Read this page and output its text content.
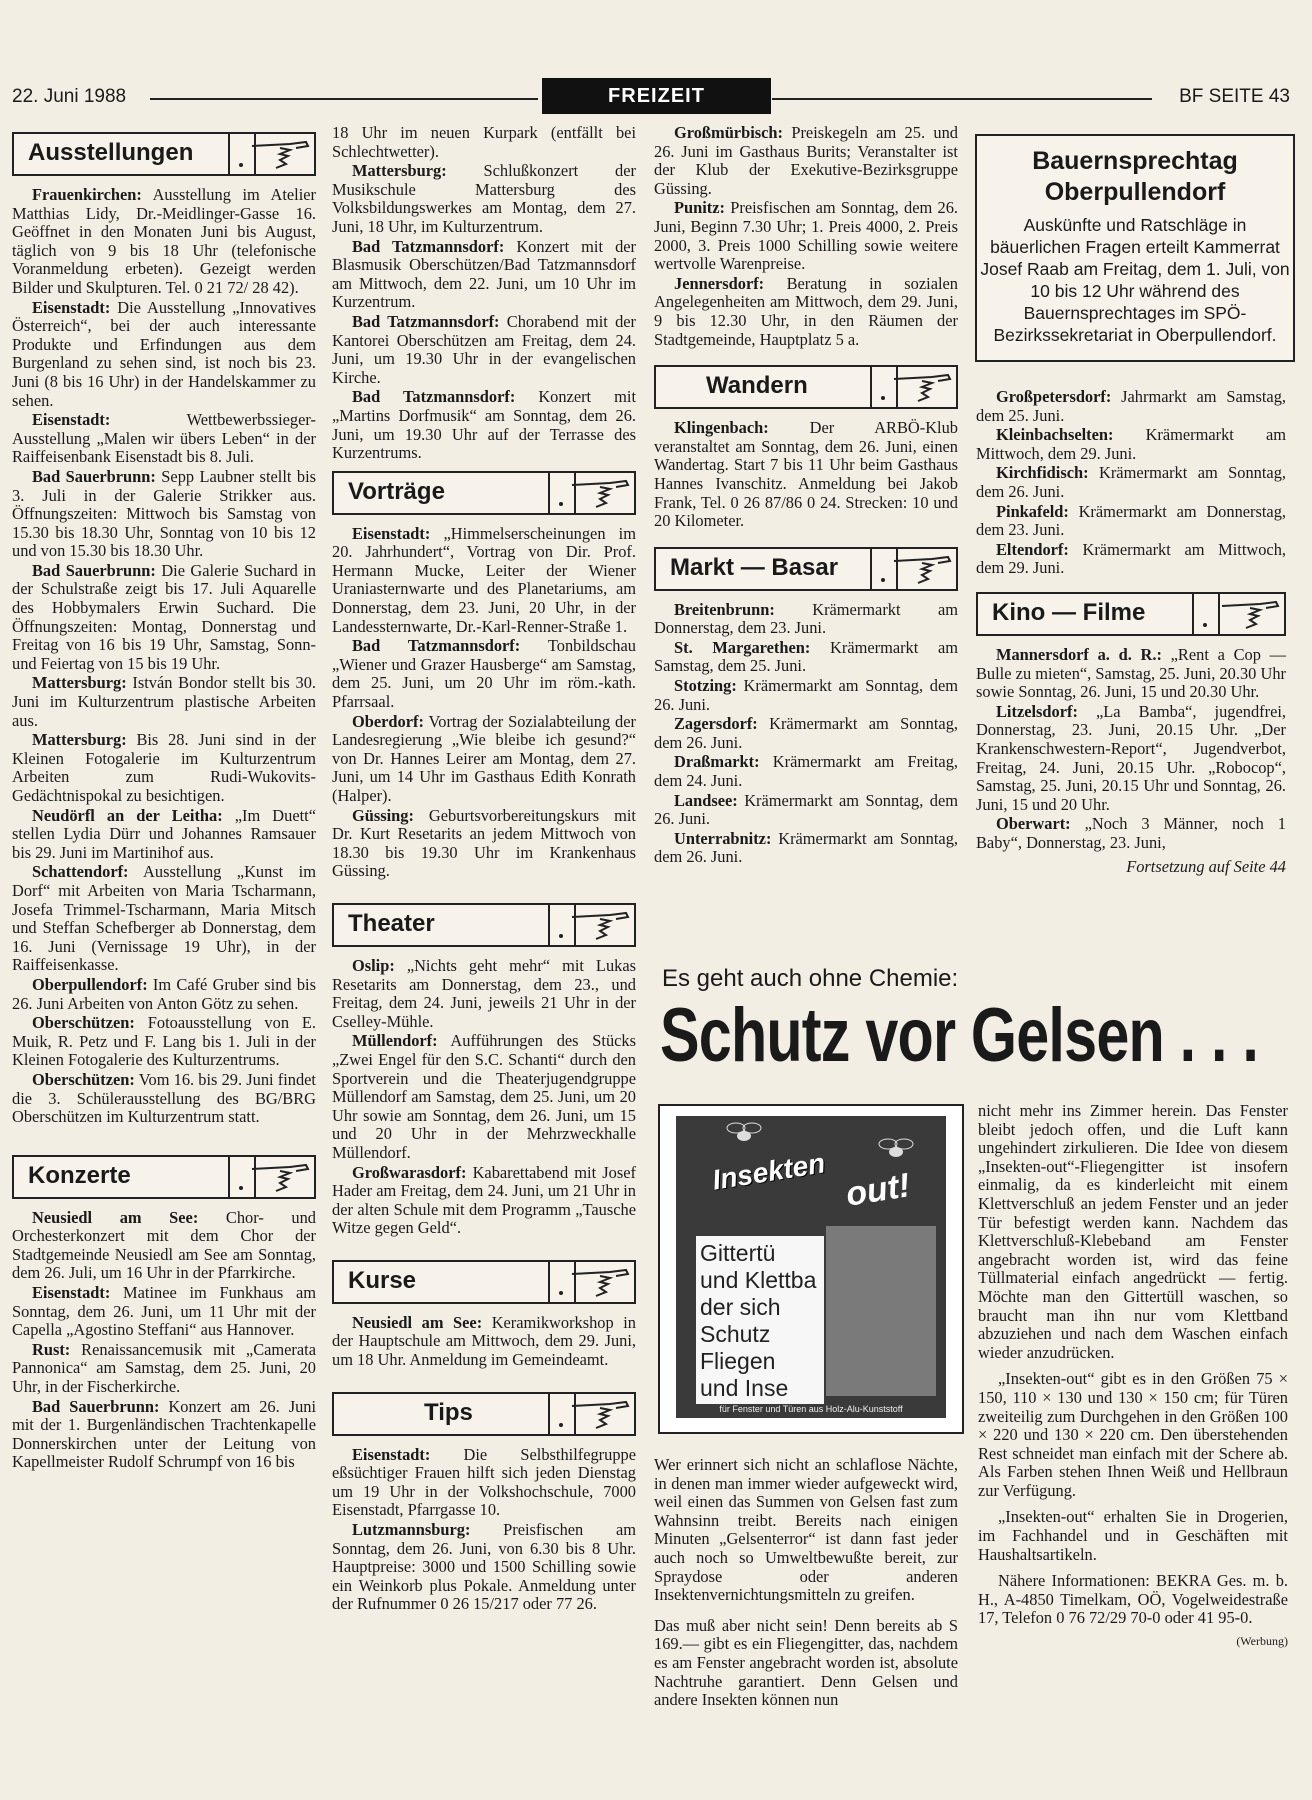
22. Juni 1988	FREIZEIT	BF SEITE 43
Ausstellungen

Frauenkirchen: Ausstellung im Atelier Matthias Lidy, Dr.-Meidlinger-Gasse 16. Geöffnet in den Monaten Juni bis August, täglich von 9 bis 18 Uhr (telefonische Voranmeldung erbeten). Gezeigt werden Bilder und Skulpturen. Tel. 0 21 72/ 28 42).

Eisenstadt: Die Ausstellung „Innovatives Österreich“, bei der auch interessante Produkte und Erfindungen aus dem Burgenland zu sehen sind, ist noch bis 23. Juni (8 bis 16 Uhr) in der Handelskammer zu sehen.

Eisenstadt: Wettbewerbssieger-Ausstellung „Malen wir übers Leben“ in der Raiffeisenbank Eisenstadt bis 8. Juli.

Bad Sauerbrunn: Sepp Laubner stellt bis 3. Juli in der Galerie Strikker aus. Öffnungszeiten: Mittwoch bis Samstag von 15.30 bis 18.30 Uhr, Sonntag von 10 bis 12 und von 15.30 bis 18.30 Uhr.

Bad Sauerbrunn: Die Galerie Suchard in der Schulstraße zeigt bis 17. Juli Aquarelle des Hobbymalers Erwin Suchard. Die Öffnungszeiten: Montag, Donnerstag und Freitag von 16 bis 19 Uhr, Samstag, Sonn- und Feiertag von 15 bis 19 Uhr.

Mattersburg: István Bondor stellt bis 30. Juni im Kulturzentrum plastische Arbeiten aus.

Mattersburg: Bis 28. Juni sind in der Kleinen Fotogalerie im Kulturzentrum Arbeiten zum Rudi-Wukovits-Gedächtnispokal zu besichtigen.

Neudörfl an der Leitha: „Im Duett“ stellen Lydia Dürr und Johannes Ramsauer bis 29. Juni im Martinihof aus.

Schattendorf: Ausstellung „Kunst im Dorf“ mit Arbeiten von Maria Tscharmann, Josefa Trimmel-Tscharmann, Maria Mitsch und Steffan Schefberger ab Donnerstag, dem 16. Juni (Vernissage 19 Uhr), in der Raiffeisenkasse.

Oberpullendorf: Im Café Gruber sind bis 26. Juni Arbeiten von Anton Götz zu sehen.

Oberschützen: Fotoausstellung von E. Muik, R. Petz und F. Lang bis 1. Juli in der Kleinen Fotogalerie des Kulturzentrums.

Oberschützen: Vom 16. bis 29. Juni findet die 3. Schülerausstellung des BG/BRG Oberschützen im Kulturzentrum statt.

Konzerte

Neusiedl am See: Chor- und Orchesterkonzert mit dem Chor der Stadtgemeinde Neusiedl am See am Sonntag, dem 26. Juli, um 16 Uhr in der Pfarrkirche.

Eisenstadt: Matinee im Funkhaus am Sonntag, dem 26. Juni, um 11 Uhr mit der Capella „Agostino Steffani“ aus Hannover.

Rust: Renaissancemusik mit „Camerata Pannonica“ am Samstag, dem 25. Juni, 20 Uhr, in der Fischerkirche.

Bad Sauerbrunn: Konzert am 26. Juni mit der 1. Burgenländischen Trachtenkapelle Donnerskirchen unter der Leitung von Kapellmeister Rudolf Schrumpf von 16 bis

18 Uhr im neuen Kurpark (entfällt bei Schlechtwetter).

Mattersburg: Schlußkonzert der Musikschule Mattersburg des Volksbildungswerkes am Montag, dem 27. Juni, 18 Uhr, im Kulturzentrum.

Bad Tatzmannsdorf: Konzert mit der Blasmusik Oberschützen/Bad Tatzmannsdorf am Mittwoch, dem 22. Juni, um 10 Uhr im Kurzentrum.

Bad Tatzmannsdorf: Chorabend mit der Kantorei Oberschützen am Freitag, dem 24. Juni, um 19.30 Uhr in der evangelischen Kirche.

Bad Tatzmannsdorf: Konzert mit „Martins Dorfmusik“ am Sonntag, dem 26. Juni, um 19.30 Uhr auf der Terrasse des Kurzentrums.

Vorträge

Eisenstadt: „Himmelserscheinungen im 20. Jahrhundert“, Vortrag von Dir. Prof. Hermann Mucke, Leiter der Wiener Uraniasternwarte und des Planetariums, am Donnerstag, dem 23. Juni, 20 Uhr, in der Landessternwarte, Dr.-Karl-Renner-Straße 1.

Bad Tatzmannsdorf: Tonbildschau „Wiener und Grazer Hausberge“ am Samstag, dem 25. Juni, um 20 Uhr im röm.-kath. Pfarrsaal.

Oberdorf: Vortrag der Sozialabteilung der Landesregierung „Wie bleibe ich gesund?“ von Dr. Hannes Leirer am Montag, dem 27. Juni, um 14 Uhr im Gasthaus Edith Konrath (Halper).

Güssing: Geburtsvorbereitungskurs mit Dr. Kurt Resetarits an jedem Mittwoch von 18.30 bis 19.30 Uhr im Krankenhaus Güssing.

Theater

Oslip: „Nichts geht mehr“ mit Lukas Resetarits am Donnerstag, dem 23., und Freitag, dem 24. Juni, jeweils 21 Uhr in der Cselley-Mühle.

Müllendorf: Aufführungen des Stücks „Zwei Engel für den S.C. Schanti“ durch den Sportverein und die Theaterjugendgruppe Müllendorf am Samstag, dem 25. Juni, um 20 Uhr sowie am Sonntag, dem 26. Juni, um 15 und 20 Uhr in der Mehrzweckhalle Müllendorf.

Großwarasdorf: Kabarettabend mit Josef Hader am Freitag, dem 24. Juni, um 21 Uhr in der alten Schule mit dem Programm „Tausche Witze gegen Geld“.

Kurse

Neusiedl am See: Keramikworkshop in der Hauptschule am Mittwoch, dem 29. Juni, um 18 Uhr. Anmeldung im Gemeindeamt.

Tips

Eisenstadt: Die Selbsthilfegruppe eßsüchtiger Frauen hilft sich jeden Dienstag um 19 Uhr in der Volkshochschule, 7000 Eisenstadt, Pfarrgasse 10.

Lutzmannsburg: Preisfischen am Sonntag, dem 26. Juni, von 6.30 bis 8 Uhr. Hauptpreise: 3000 und 1500 Schilling sowie ein Weinkorb plus Pokale. Anmeldung unter der Rufnummer 0 26 15/217 oder 77 26.

Großmürbisch: Preiskegeln am 25. und 26. Juni im Gasthaus Burits; Veranstalter ist der Klub der Exekutive-Bezirksgruppe Güssing.

Punitz: Preisfischen am Sonntag, dem 26. Juni, Beginn 7.30 Uhr; 1. Preis 4000, 2. Preis 2000, 3. Preis 1000 Schilling sowie weitere wertvolle Warenpreise.

Jennersdorf: Beratung in sozialen Angelegenheiten am Mittwoch, dem 29. Juni, 9 bis 12.30 Uhr, in den Räumen der Stadtgemeinde, Hauptplatz 5 a.

Wandern

Klingenbach: Der ARBÖ-Klub veranstaltet am Sonntag, dem 26. Juni, einen Wandertag. Start 7 bis 11 Uhr beim Gasthaus Hannes Ivanschitz. Anmeldung bei Jakob Frank, Tel. 0 26 87/86 0 24. Strecken: 10 und 20 Kilometer.

Markt — Basar

Breitenbrunn: Krämermarkt am Donnerstag, dem 23. Juni.

St. Margarethen: Krämermarkt am Samstag, dem 25. Juni.

Stotzing: Krämermarkt am Sonntag, dem 26. Juni.

Zagersdorf: Krämermarkt am Sonntag, dem 26. Juni.

Draßmarkt: Krämermarkt am Freitag, dem 24. Juni.

Landsee: Krämermarkt am Sonntag, dem 26. Juni.

Unterrabnitz: Krämermarkt am Sonntag, dem 26. Juni.

Bauernsprechtag Oberpullendorf
Auskünfte und Ratschläge in bäuerlichen Fragen erteilt Kammerrat Josef Raab am Freitag, dem 1. Juli, von 10 bis 12 Uhr während des Bauernsprechtages im SPÖ-Bezirkssekretariat in Oberpullendorf.

Großpetersdorf: Jahrmarkt am Samstag, dem 25. Juni.

Kleinbachselten: Krämermarkt am Mittwoch, dem 29. Juni.

Kirchfidisch: Krämermarkt am Sonntag, dem 26. Juni.

Pinkafeld: Krämermarkt am Donnerstag, dem 23. Juni.

Eltendorf: Krämermarkt am Mittwoch, dem 29. Juni.

Kino — Filme

Mannersdorf a. d. R.: „Rent a Cop — Bulle zu mieten“, Samstag, 25. Juni, 20.30 Uhr sowie Sonntag, 26. Juni, 15 und 20.30 Uhr.

Litzelsdorf: „La Bamba“, jugendfrei, Donnerstag, 23. Juni, 20.15 Uhr. „Der Krankenschwestern-Report“, Jugendverbot, Freitag, 24. Juni, 20.15 Uhr. „Robocop“, Samstag, 25. Juni, 20.15 Uhr und Sonntag, 26. Juni, 15 und 20 Uhr.

Oberwart: „Noch 3 Männer, noch 1 Baby“, Donnerstag, 23. Juni,

Fortsetzung auf Seite 44

Es geht auch ohne Chemie:
Schutz vor Gelsen . . .
Insekten out!
Gittertü und Klettba der sich Schutz Fliegen und Inse
für Fenster und Türen aus Holz-Alu-Kunststoff

Wer erinnert sich nicht an schlaflose Nächte, in denen man immer wieder aufgeweckt wird, weil einen das Summen von Gelsen fast zum Wahnsinn treibt. Bereits nach einigen Minuten „Gelsenterror“ ist dann fast jeder auch noch so Umweltbewußte bereit, zur Spraydose oder anderen Insektenvernichtungsmitteln zu greifen.

Das muß aber nicht sein! Denn bereits ab S 169.— gibt es ein Fliegengitter, das, nachdem es am Fenster angebracht worden ist, absolute Nachtruhe garantiert. Denn Gelsen und andere Insekten können nun

nicht mehr ins Zimmer herein. Das Fenster bleibt jedoch offen, und die Luft kann ungehindert zirkulieren. Die Idee von diesem „Insekten-out“-Fliegengitter ist insofern einmalig, da es kinderleicht mit einem Klettverschluß an jedem Fenster und an jeder Tür befestigt werden kann. Nachdem das Klettverschluß-Klebeband am Fenster angebracht worden ist, wird das feine Tüllmaterial einfach angedrückt — fertig. Möchte man den Gittertüll waschen, so braucht man ihn nur vom Klettband abzuziehen und nach dem Waschen einfach wieder anzudrücken.

„Insekten-out“ gibt es in den Größen 75 × 150, 110 × 130 und 130 × 150 cm; für Türen zweiteilig zum Durchgehen in den Größen 100 × 220 und 130 × 220 cm. Den überstehenden Rest schneidet man einfach mit der Schere ab. Als Farben stehen Ihnen Weiß und Hellbraun zur Verfügung.

„Insekten-out“ erhalten Sie in Drogerien, im Fachhandel und in Geschäften mit Haushaltsartikeln.

Nähere Informationen: BEKRA Ges. m. b. H., A-4850 Timelkam, OÖ, Vogelweidestraße 17, Telefon 0 76 72/29 70-0 oder 41 95-0.

(Werbung)
